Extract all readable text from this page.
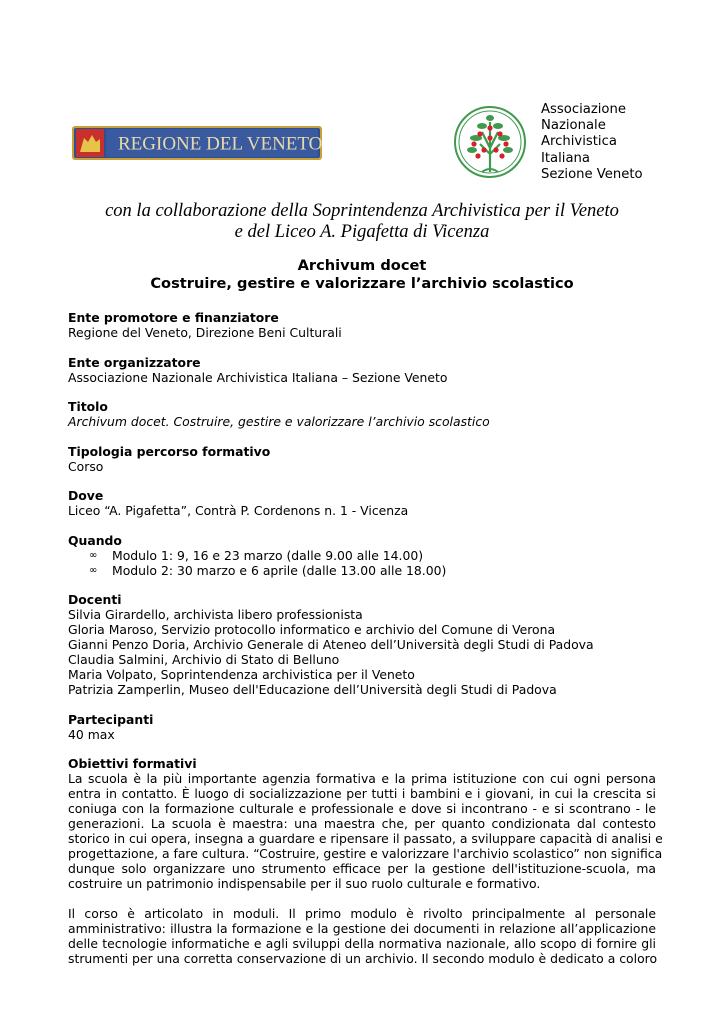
REGIONE DEL VENETO
Associazione
Nazionale
Archivistica
Italiana
Sezione Veneto
con la collaborazione della Soprintendenza Archivistica per il Veneto
e del Liceo A. Pigafetta di Vicenza
Archivum docet
Costruire, gestire e valorizzare l’archivio scolastico
Ente promotore e finanziatore
Regione del Veneto, Direzione Beni Culturali
Ente organizzatore
Associazione Nazionale Archivistica Italiana – Sezione Veneto
Titolo
Archivum docet. Costruire, gestire e valorizzare l’archivio scolastico
Tipologia percorso formativo
Corso
Dove
Liceo “A. Pigafetta”, Contrà P. Cordenons n. 1 - Vicenza
Quando
∞ Modulo 1: 9, 16 e 23 marzo (dalle 9.00 alle 14.00)
∞ Modulo 2: 30 marzo e 6 aprile (dalle 13.00 alle 18.00)
Docenti
Silvia Girardello, archivista libero professionista
Gloria Maroso, Servizio protocollo informatico e archivio del Comune di Verona
Gianni Penzo Doria, Archivio Generale di Ateneo dell’Università degli Studi di Padova
Claudia Salmini, Archivio di Stato di Belluno
Maria Volpato, Soprintendenza archivistica per il Veneto
Patrizia Zamperlin, Museo dell'Educazione dell’Università degli Studi di Padova
Partecipanti
40 max
Obiettivi formativi
La scuola è la più importante agenzia formativa e la prima istituzione con cui ogni persona
entra in contatto. È luogo di socializzazione per tutti i bambini e i giovani, in cui la crescita si
coniuga con la formazione culturale e professionale e dove si incontrano - e si scontrano - le
generazioni. La scuola è maestra: una maestra che, per quanto condizionata dal contesto
storico in cui opera, insegna a guardare e ripensare il passato, a sviluppare capacità di analisi e
progettazione, a fare cultura. “Costruire, gestire e valorizzare l'archivio scolastico” non significa
dunque solo organizzare uno strumento efficace per la gestione dell'istituzione-scuola, ma
costruire un patrimonio indispensabile per il suo ruolo culturale e formativo.
Il corso è articolato in moduli. Il primo modulo è rivolto principalmente al personale
amministrativo: illustra la formazione e la gestione dei documenti in relazione all’applicazione
delle tecnologie informatiche e agli sviluppi della normativa nazionale, allo scopo di fornire gli
strumenti per una corretta conservazione di un archivio. Il secondo modulo è dedicato a coloro
